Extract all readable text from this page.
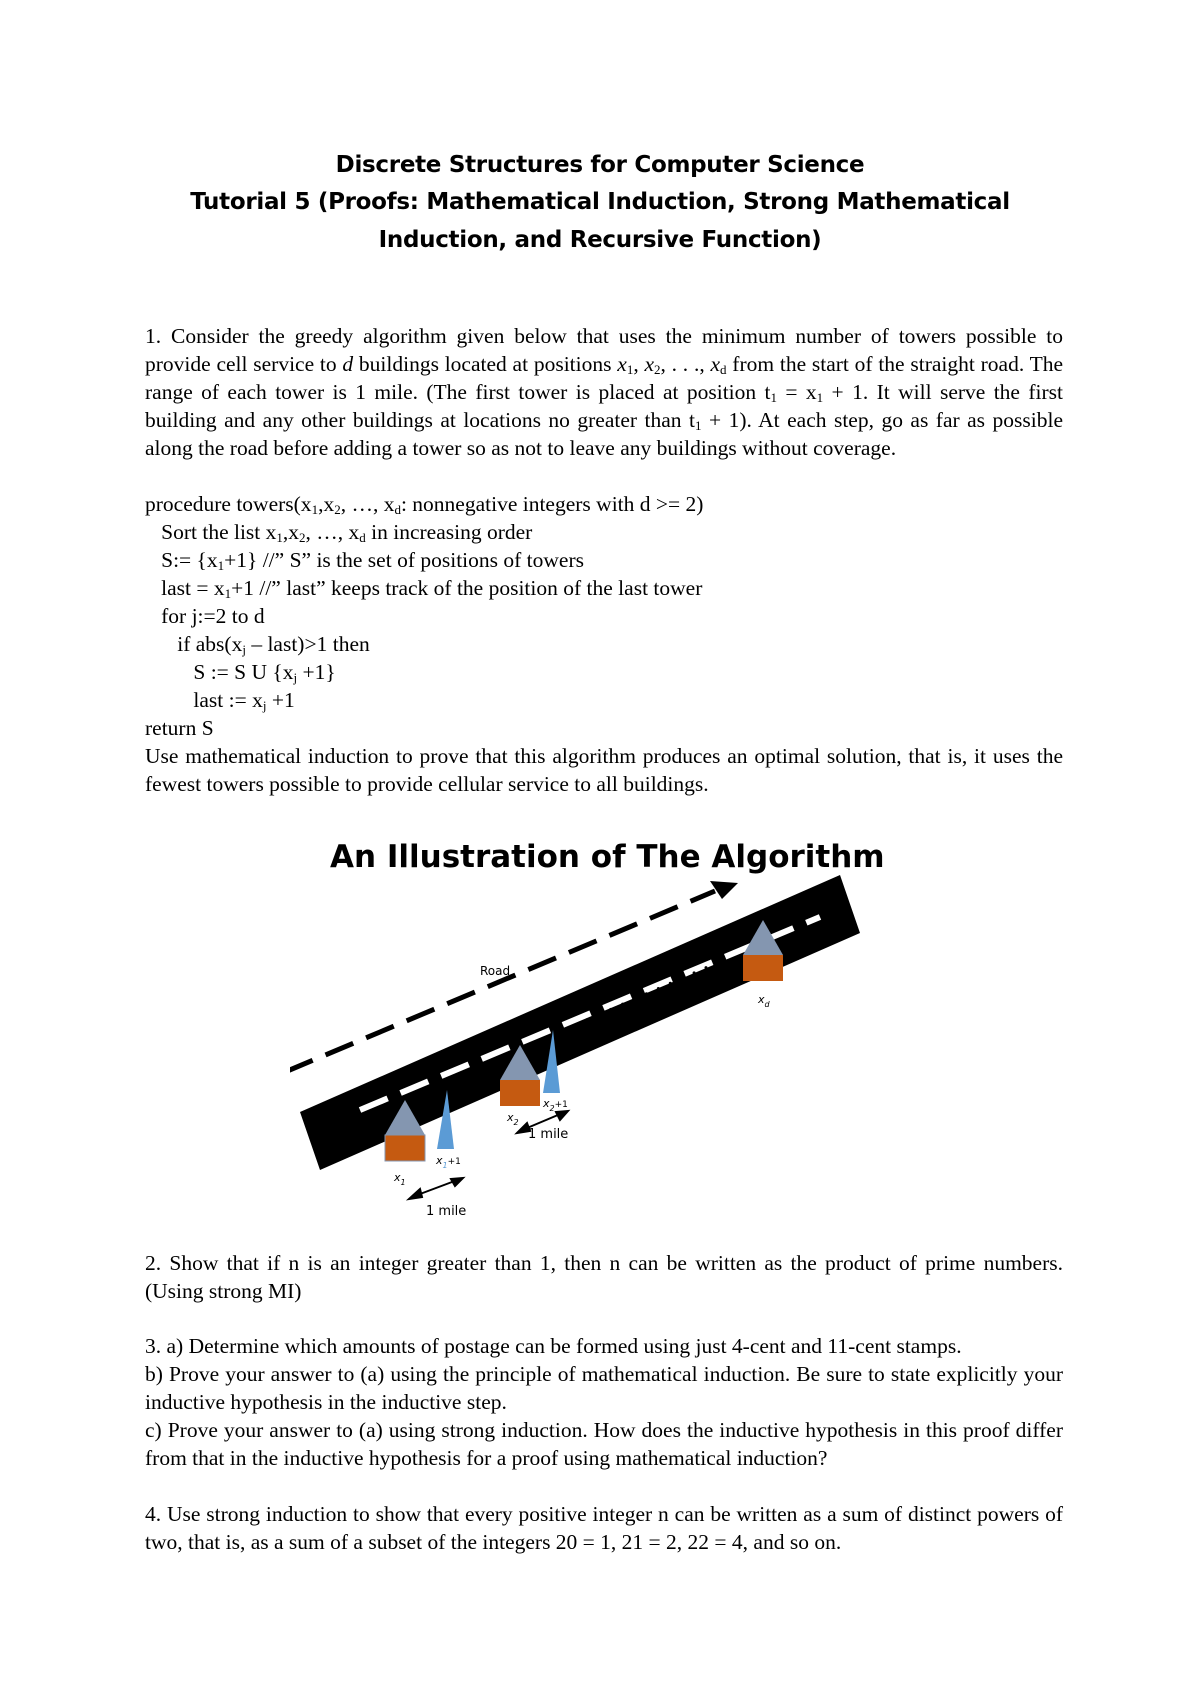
Discrete Structures for Computer Science
Tutorial 5 (Proofs: Mathematical Induction, Strong Mathematical
Induction, and Recursive Function)
1. Consider the greedy algorithm given below that uses the minimum number of towers possible to provide cell service to d buildings located at positions $x_1$, $x_2$, . . ., $x_d$ from the start of the straight road. The range of each tower is 1 mile. (The first tower is placed at position $t_1 = x_1 + 1$. It will serve the first building and any other buildings at locations no greater than $t_1 + 1$). At each step, go as far as possible along the road before adding a tower so as not to leave any buildings without coverage.
procedure $towers(x_1,x_2$, …, $x_d$: nonnegative integers with d >= 2)
Sort the list $x_1,x_2$, …, $x_d$ in increasing order
S:= $\{x_1+1\}$ //” S” is the set of positions of towers
last = $x_1+1$ //” last” keeps track of the position of the last tower
for j:=2 to d
if $abs(x_j$ – last)>1 then
S := S U $\{x_j +1\}$
last := $x_j +1$
return S
Use mathematical induction to prove that this algorithm produces an optimal solution, that is, it uses the fewest towers possible to provide cellular service to all buildings.
An Illustration of The Algorithm
Road
1 mile
1 mile
$x_1$
$x_1^{+1}$
$x_2$
$x_2^{+1}$
$x_d$
2. Show that if n is an integer greater than 1, then n can be written as the product of prime numbers. (Using strong MI)
3. a) Determine which amounts of postage can be formed using just 4-cent and 11-cent stamps.
b) Prove your answer to (a) using the principle of mathematical induction. Be sure to state explicitly your inductive hypothesis in the inductive step.
c) Prove your answer to (a) using strong induction. How does the inductive hypothesis in this proof differ from that in the inductive hypothesis for a proof using mathematical induction?
4. Use strong induction to show that every positive integer n can be written as a sum of distinct powers of two, that is, as a sum of a subset of the integers 20 = 1, 21 = 2, 22 = 4, and so on.
